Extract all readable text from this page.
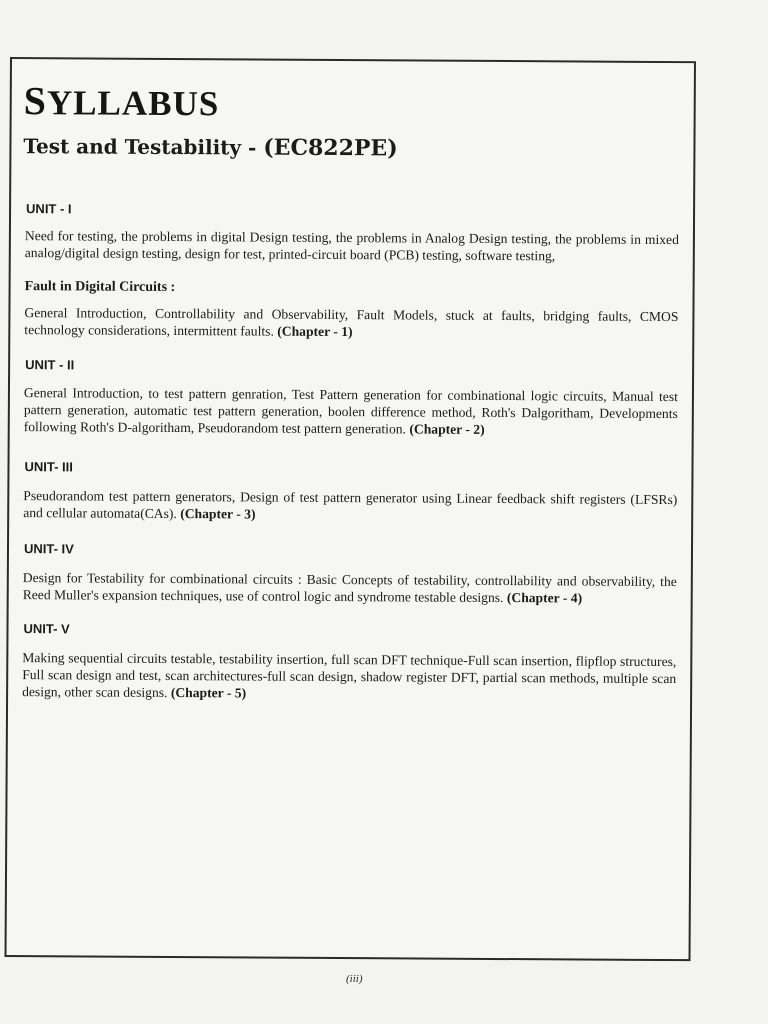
SYLLABUS
Test and Testability - (EC822PE)
UNIT - I

Need for testing, the problems in digital Design testing, the problems in Analog Design testing, the problems in mixed analog/digital design testing, design for test, printed-circuit board (PCB) testing, software testing,

Fault in Digital Circuits :

General Introduction, Controllability and Observability, Fault Models, stuck at faults, bridging faults, CMOS technology considerations, intermittent faults. (Chapter - 1)

UNIT - II

General Introduction, to test pattern genration, Test Pattern generation for combinational logic circuits, Manual test pattern generation, automatic test pattern generation, boolen difference method, Roth's Dalgoritham, Developments following Roth's D-algoritham, Pseudorandom test pattern generation. (Chapter - 2)

UNIT- III

Pseudorandom test pattern generators, Design of test pattern generator using Linear feedback shift registers (LFSRs) and cellular automata(CAs). (Chapter - 3)

UNIT- IV

Design for Testability for combinational circuits : Basic Concepts of testability, controllability and observability, the Reed Muller's expansion techniques, use of control logic and syndrome testable designs. (Chapter - 4)

UNIT- V

Making sequential circuits testable, testability insertion, full scan DFT technique-Full scan insertion, flipflop structures, Full scan design and test, scan architectures-full scan design, shadow register DFT, partial scan methods, multiple scan design, other scan designs. (Chapter - 5)

(iii)
